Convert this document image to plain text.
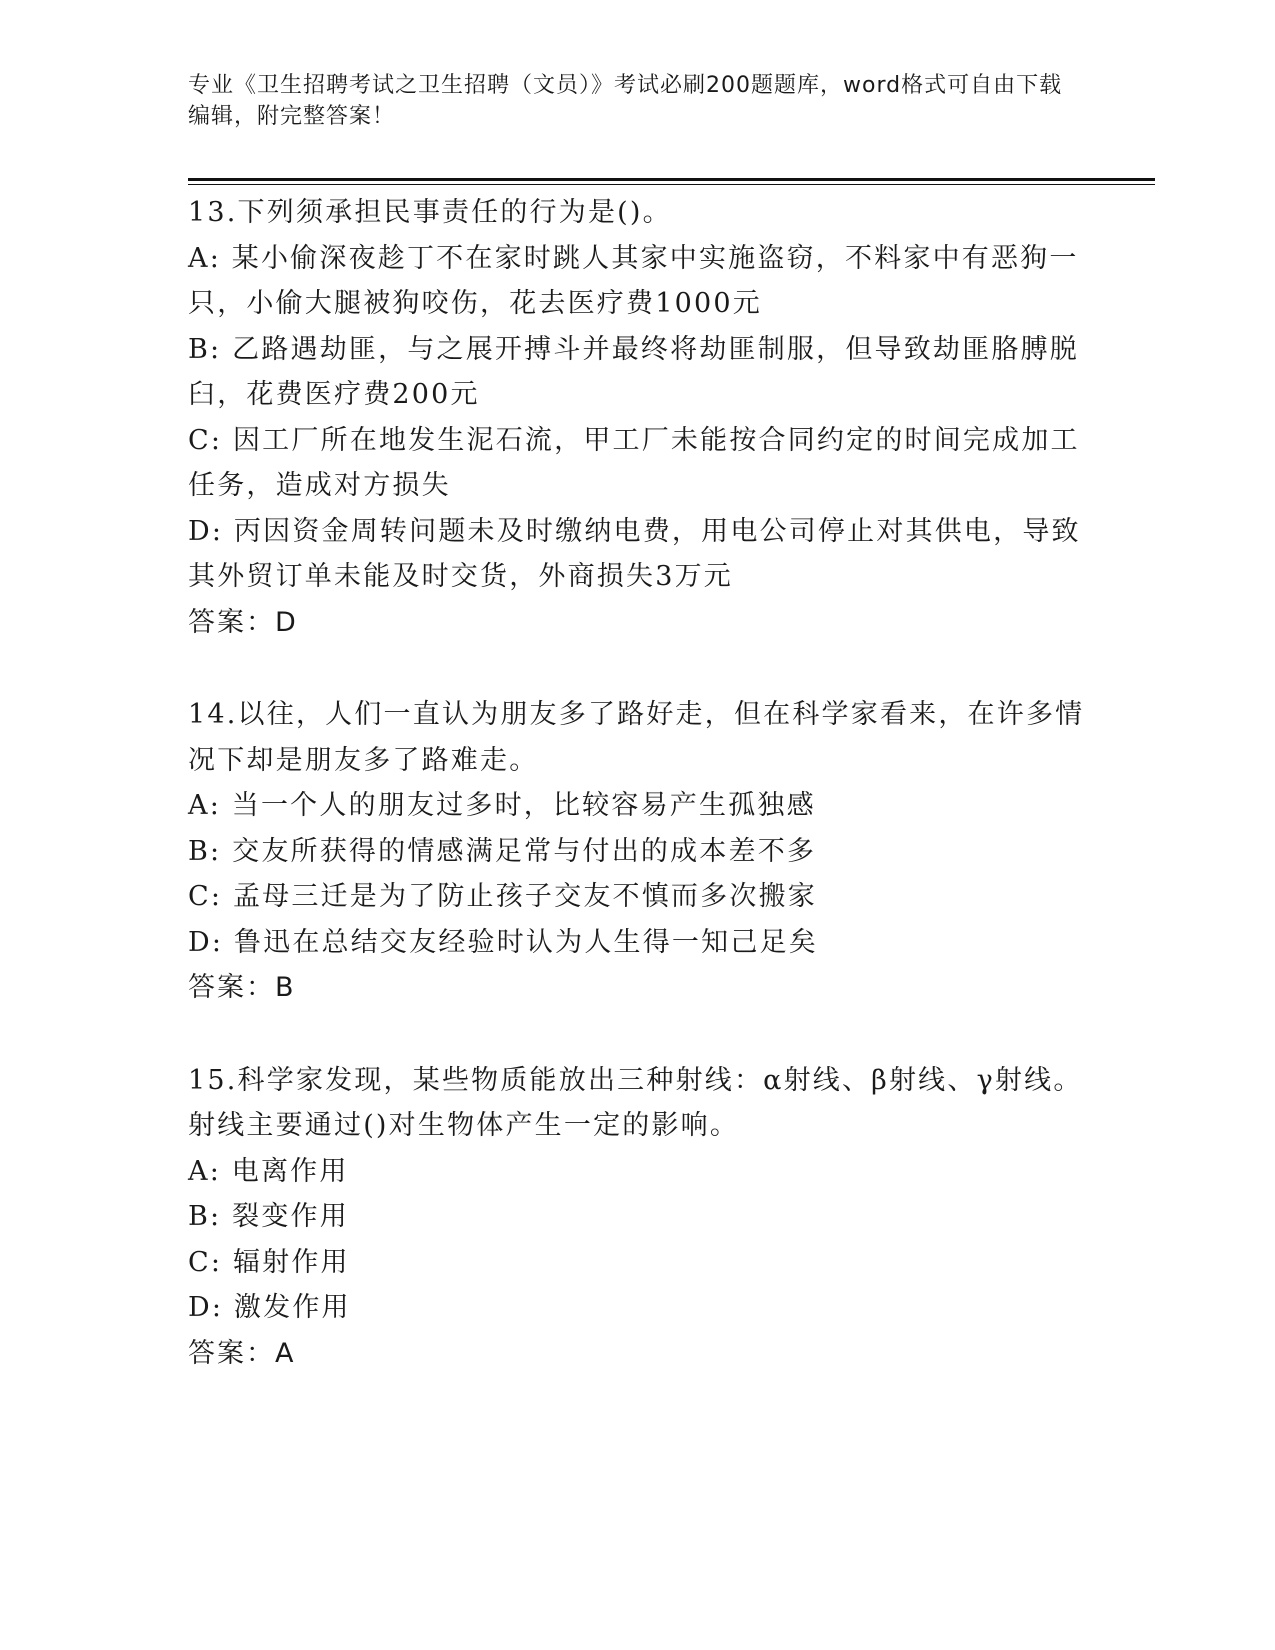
专业《卫生招聘考试之卫生招聘（文员）》考试必刷200题题库，word格式可自由下载编辑，附完整答案！
13.下列须承担民事责任的行为是()。
A: 某小偷深夜趁丁不在家时跳人其家中实施盗窃，不料家中有恶狗一只，小偷大腿被狗咬伤，花去医疗费1000元
B: 乙路遇劫匪，与之展开搏斗并最终将劫匪制服，但导致劫匪胳膊脱臼，花费医疗费200元
C: 因工厂所在地发生泥石流，甲工厂未能按合同约定的时间完成加工任务，造成对方损失
D: 丙因资金周转问题未及时缴纳电费，用电公司停止对其供电，导致其外贸订单未能及时交货，外商损失3万元
答案：D
14.以往，人们一直认为朋友多了路好走，但在科学家看来，在许多情况下却是朋友多了路难走。
A: 当一个人的朋友过多时，比较容易产生孤独感
B: 交友所获得的情感满足常与付出的成本差不多
C: 孟母三迁是为了防止孩子交友不慎而多次搬家
D: 鲁迅在总结交友经验时认为人生得一知己足矣
答案：B
15.科学家发现，某些物质能放出三种射线：α射线、β射线、γ射线。射线主要通过()对生物体产生一定的影响。
A: 电离作用
B: 裂变作用
C: 辐射作用
D: 激发作用
答案：A
